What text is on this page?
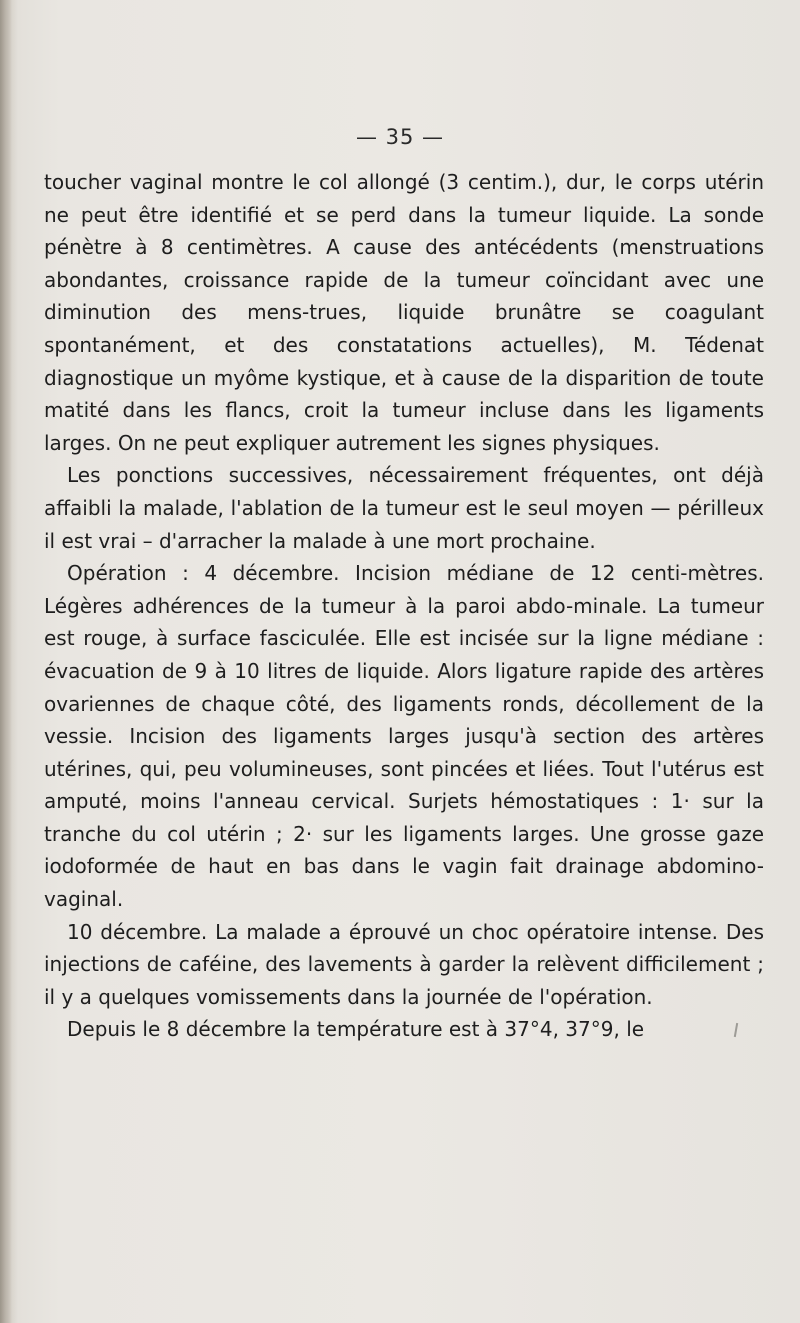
— 35 —

toucher vaginal montre le col allongé (3 centim.), dur, le corps utérin ne peut être identifié et se perd dans la tumeur liquide. La sonde pénètre à 8 centimètres. A cause des antécédents (menstruations abondantes, croissance rapide de la tumeur coïncidant avec une diminution des mens-trues, liquide brunâtre se coagulant spontanément, et des constatations actuelles), M. Tédenat diagnostique un myôme kystique, et à cause de la disparition de toute matité dans les flancs, croit la tumeur incluse dans les ligaments larges. On ne peut expliquer autrement les signes physiques.

Les ponctions successives, nécessairement fréquentes, ont déjà affaibli la malade, l'ablation de la tumeur est le seul moyen — périlleux il est vrai – d'arracher la malade à une mort prochaine.

Opération : 4 décembre. Incision médiane de 12 centi-mètres. Légères adhérences de la tumeur à la paroi abdo-minale. La tumeur est rouge, à surface fasciculée. Elle est incisée sur la ligne médiane : évacuation de 9 à 10 litres de liquide. Alors ligature rapide des artères ovariennes de chaque côté, des ligaments ronds, décollement de la vessie. Incision des ligaments larges jusqu'à section des artères utérines, qui, peu volumineuses, sont pincées et liées. Tout l'utérus est amputé, moins l'anneau cervical. Surjets hémostatiques : 1· sur la tranche du col utérin ; 2· sur les ligaments larges. Une grosse gaze iodoformée de haut en bas dans le vagin fait drainage abdomino-vaginal.

10 décembre. La malade a éprouvé un choc opératoire intense. Des injections de caféine, des lavements à garder la relèvent difficilement ; il y a quelques vomissements dans la journée de l'opération.

Depuis le 8 décembre la température est à 37°4, 37°9, le
